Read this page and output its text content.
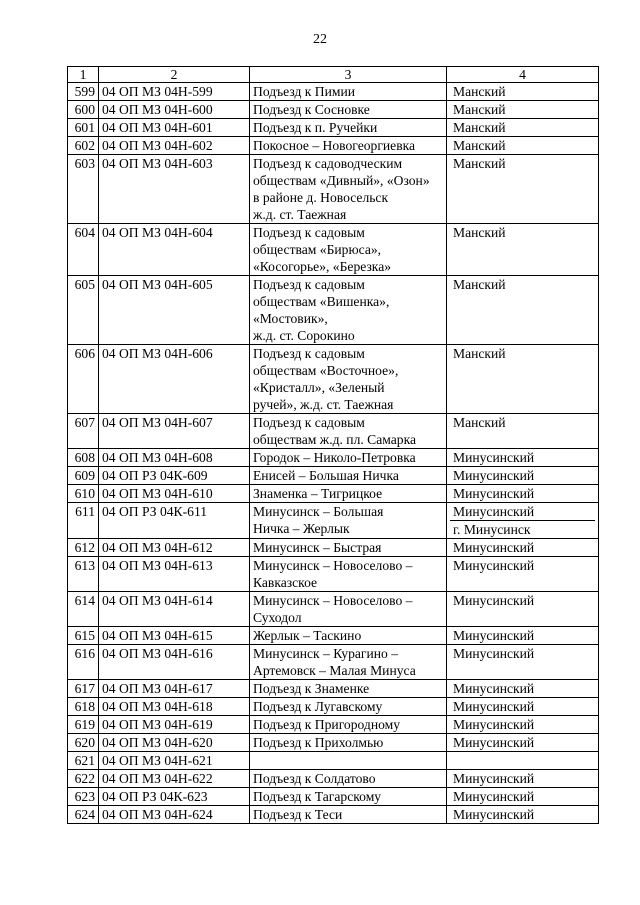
22
1	2	3	4
599	04 ОП МЗ 04Н-599	Подъезд к Пимии	Манский

600	04 ОП МЗ 04Н-600	Подъезд к Сосновке	Манский

601	04 ОП МЗ 04Н-601	Подъезд к п. Ручейки	Манский

602	04 ОП МЗ 04Н-602	Покосное – Новогеоргиевка	Манский

603	04 ОП МЗ 04Н-603	Подъезд к садоводческим
обществам «Дивный», «Озон»
в районе д. Новосельск
ж.д. ст. Таежная	Манский

604	04 ОП МЗ 04Н-604	Подъезд к садовым
обществам «Бирюса»,
«Косогорье», «Березка»	Манский

605	04 ОП МЗ 04Н-605	Подъезд к садовым
обществам «Вишенка»,
«Мостовик»,
ж.д. ст. Сорокино	Манский

606	04 ОП МЗ 04Н-606	Подъезд к садовым
обществам «Восточное»,
«Кристалл», «Зеленый
ручей», ж.д. ст. Таежная	Манский

607	04 ОП МЗ 04Н-607	Подъезд к садовым
обществам ж.д. пл. Самарка	Манский

608	04 ОП МЗ 04Н-608	Городок – Николо-Петровка	Минусинский

609	04 ОП РЗ 04К-609	Енисей – Большая Ничка	Минусинский

610	04 ОП МЗ 04Н-610	Знаменка – Тигрицкое	Минусинский

611	04 ОП РЗ 04К-611	Минусинск – Большая
Ничка – Жерлык	Минусинский
г. Минусинск

612	04 ОП МЗ 04Н-612	Минусинск – Быстрая	Минусинский

613	04 ОП МЗ 04Н-613	Минусинск – Новоселово –
Кавказское	Минусинский

614	04 ОП МЗ 04Н-614	Минусинск – Новоселово –
Суходол	Минусинский

615	04 ОП МЗ 04Н-615	Жерлык – Таскино	Минусинский

616	04 ОП МЗ 04Н-616	Минусинск – Курагино –
Артемовск – Малая Минуса	Минусинский

617	04 ОП МЗ 04Н-617	Подъезд к Знаменке	Минусинский

618	04 ОП МЗ 04Н-618	Подъезд к Лугавскому	Минусинский

619	04 ОП МЗ 04Н-619	Подъезд к Пригородному	Минусинский

620	04 ОП МЗ 04Н-620	Подъезд к Прихолмью	Минусинский

621	04 ОП МЗ 04Н-621		

622	04 ОП МЗ 04Н-622	Подъезд к Солдатово	Минусинский

623	04 ОП РЗ 04К-623	Подъезд к Тагарскому	Минусинский

624	04 ОП МЗ 04Н-624	Подъезд к Теси	Минусинский
